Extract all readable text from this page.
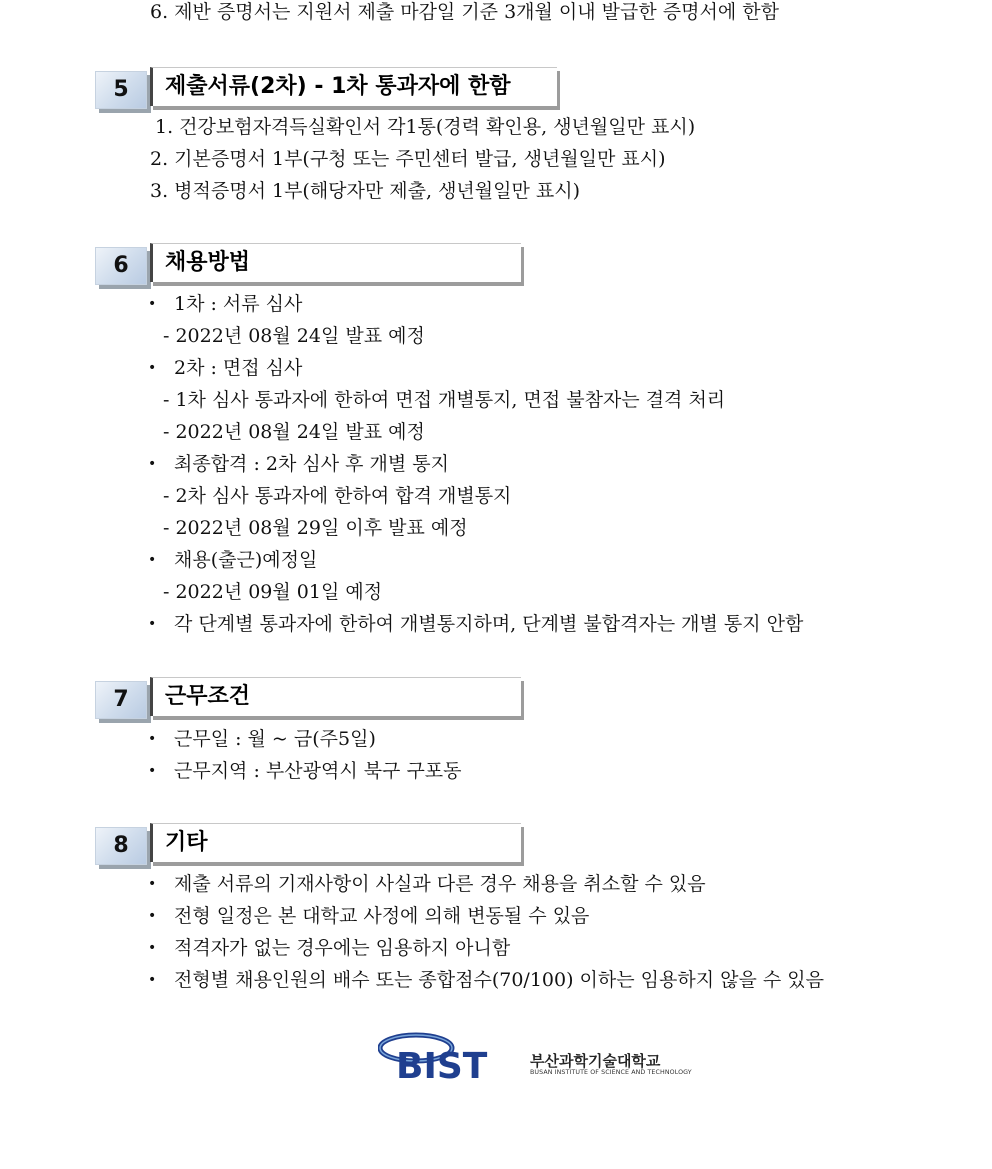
6. 제반 증명서는 지원서 제출 마감일 기준 3개월 이내 발급한 증명서에 한함
5	제출서류(2차) - 1차 통과자에 한함
1. 건강보험자격득실확인서 각1통(경력 확인용, 생년월일만 표시)
2. 기본증명서 1부(구청 또는 주민센터 발급, 생년월일만 표시)
3. 병적증명서 1부(해당자만 제출, 생년월일만 표시)
6	채용방법
• 1차 : 서류 심사
- 2022년 08월 24일 발표 예정
• 2차 : 면접 심사
- 1차 심사 통과자에 한하여 면접 개별통지, 면접 불참자는 결격 처리
- 2022년 08월 24일 발표 예정
• 최종합격 : 2차 심사 후 개별 통지
- 2차 심사 통과자에 한하여 합격 개별통지
- 2022년 08월 29일 이후 발표 예정
• 채용(출근)예정일
- 2022년 09월 01일 예정
• 각 단계별 통과자에 한하여 개별통지하며, 단계별 불합격자는 개별 통지 안함
7	근무조건
• 근무일 : 월 ~ 금(주5일)
• 근무지역 : 부산광역시 북구 구포동
8	기타
• 제출 서류의 기재사항이 사실과 다른 경우 채용을 취소할 수 있음
• 전형 일정은 본 대학교 사정에 의해 변동될 수 있음
• 적격자가 없는 경우에는 임용하지 아니함
• 전형별 채용인원의 배수 또는 종합점수(70/100) 이하는 임용하지 않을 수 있음
BIST	부산과학기술대학교
BUSAN INSTITUTE OF SCIENCE AND TECHNOLOGY
